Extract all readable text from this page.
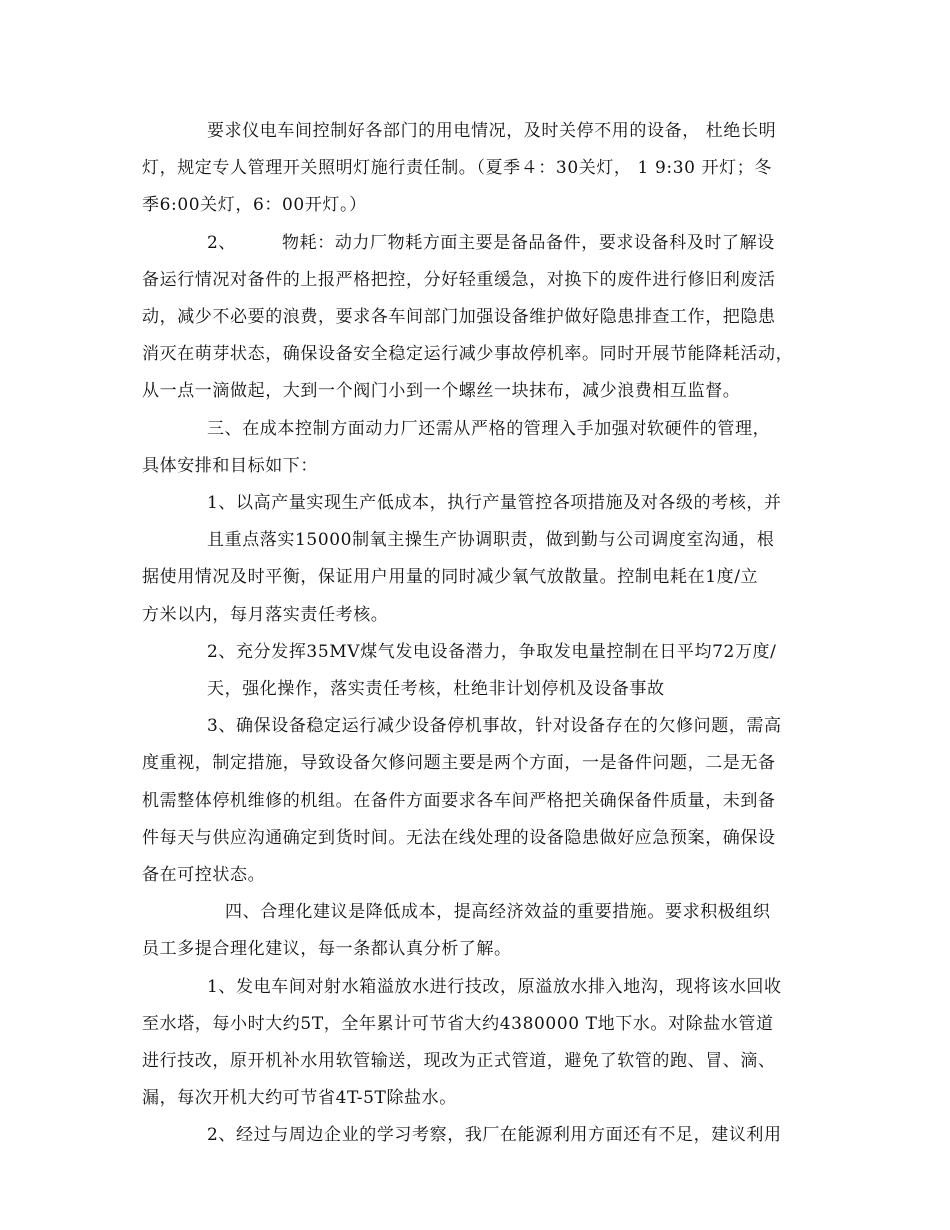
要求仪电车间控制好各部门的用电情况，及时关停不用的设备， 杜绝长明
灯，规定专人管理开关照明灯施行责任制。（夏季４：30关灯， 1 9:30 开灯；冬
季6:00关灯，6：00开灯。）
2、 物耗：动力厂物耗方面主要是备品备件，要求设备科及时了解设
备运行情况对备件的上报严格把控，分好轻重缓急，对换下的废件进行修旧利废活
动，减少不必要的浪费，要求各车间部门加强设备维护做好隐患排查工作，把隐患
消灭在萌芽状态，确保设备安全稳定运行减少事故停机率。同时开展节能降耗活动，
从一点一滴做起，大到一个阀门小到一个螺丝一块抹布，减少浪费相互监督。
三、在成本控制方面动力厂还需从严格的管理入手加强对软硬件的管理，
具体安排和目标如下：
1、以高产量实现生产低成本，执行产量管控各项措施及对各级的考核，并
且重点落实15000制氧主操生产协调职责，做到勤与公司调度室沟通，根
据使用情况及时平衡，保证用户用量的同时减少氧气放散量。控制电耗在1度/立
方米以内，每月落实责任考核。
2、充分发挥35MV煤气发电设备潜力，争取发电量控制在日平均72万度/
天，强化操作，落实责任考核，杜绝非计划停机及设备事故
3、确保设备稳定运行减少设备停机事故，针对设备存在的欠修问题，需高
度重视，制定措施，导致设备欠修问题主要是两个方面，一是备件问题，二是无备
机需整体停机维修的机组。在备件方面要求各车间严格把关确保备件质量，未到备
件每天与供应沟通确定到货时间。无法在线处理的设备隐患做好应急预案，确保设
备在可控状态。
四、合理化建议是降低成本，提高经济效益的重要措施。要求积极组织
员工多提合理化建议，每一条都认真分析了解。
1、发电车间对射水箱溢放水进行技改，原溢放水排入地沟，现将该水回收
至水塔，每小时大约5T，全年累计可节省大约4380000 T地下水。对除盐水管道
进行技改，原开机补水用软管输送，现改为正式管道，避免了软管的跑、冒、滴、
漏，每次开机大约可节省4T-5T除盐水。
2、经过与周边企业的学习考察，我厂在能源利用方面还有不足，建议利用
